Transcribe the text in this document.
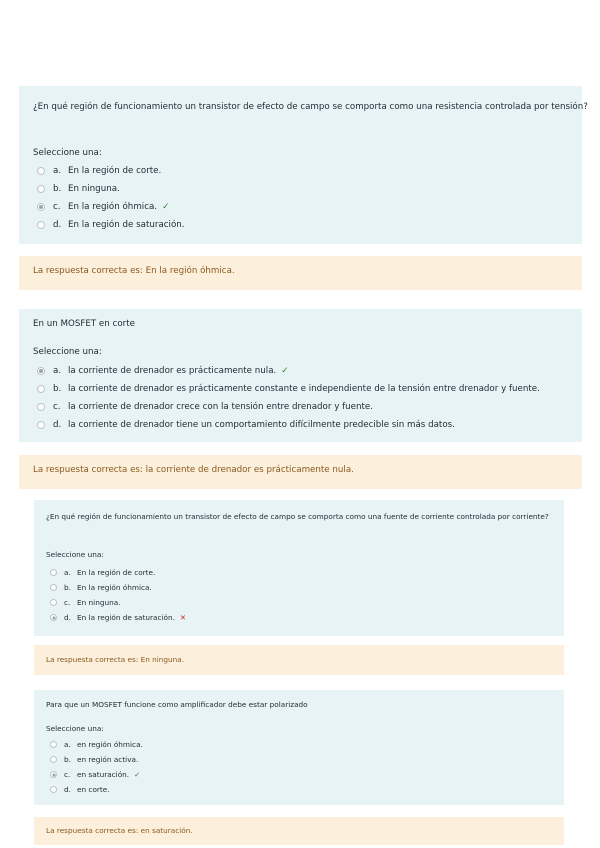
¿En qué región de funcionamiento un transistor de efecto de campo se comporta como una resistencia controlada por tensión?
Seleccione una:
a. En la región de corte.
b. En ninguna.
c. En la región óhmica. ✓
d. En la región de saturación.
La respuesta correcta es: En la región óhmica.
En un MOSFET en corte
Seleccione una:
a. la corriente de drenador es prácticamente nula. ✓
b. la corriente de drenador es prácticamente constante e independiente de la tensión entre drenador y fuente.
c. la corriente de drenador crece con la tensión entre drenador y fuente.
d. la corriente de drenador tiene un comportamiento difícilmente predecible sin más datos.
La respuesta correcta es: la corriente de drenador es prácticamente nula.
¿En qué región de funcionamiento un transistor de efecto de campo se comporta como una fuente de corriente controlada por corriente?
Seleccione una:
a. En la región de corte.
b. En la región óhmica.
c. En ninguna.
d. En la región de saturación. ✕
La respuesta correcta es: En ninguna.
Para que un MOSFET funcione como amplificador debe estar polarizado
Seleccione una:
a. en región óhmica.
b. en región activa.
c. en saturación. ✓
d. en corte.
La respuesta correcta es: en saturación.
